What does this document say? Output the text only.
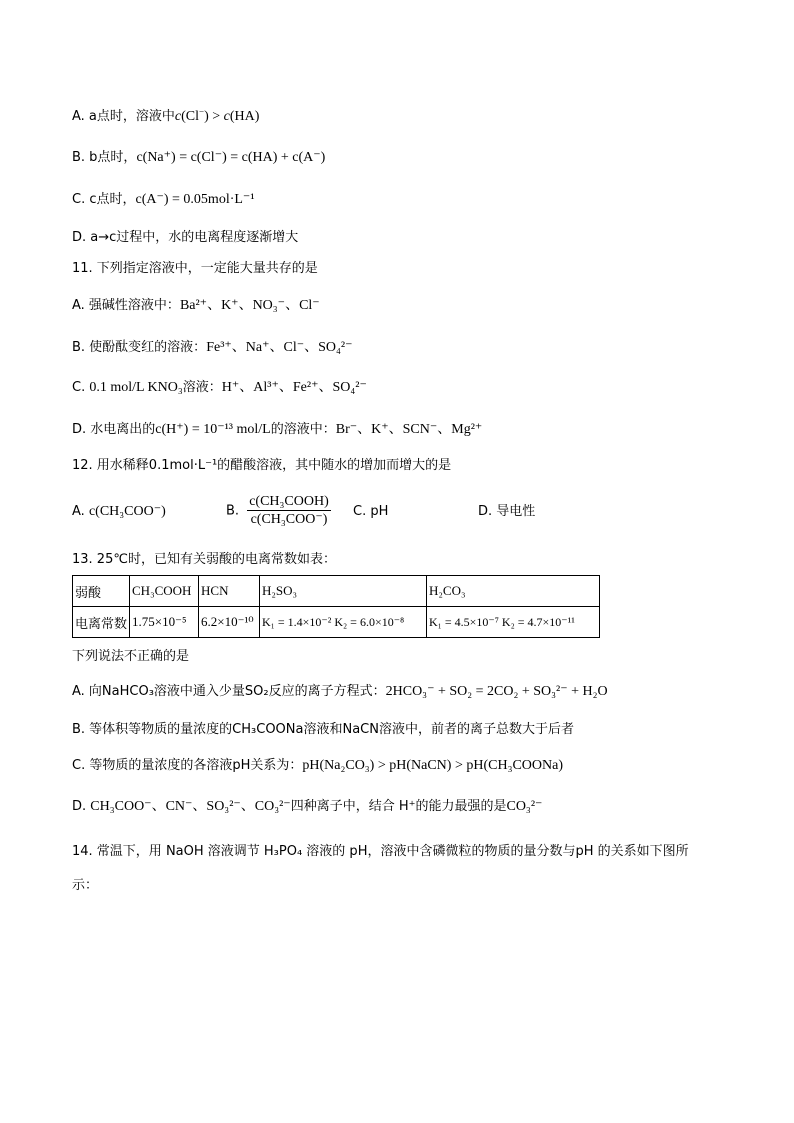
A. a点时，溶液中c(Cl−) > c(HA)
B. b点时，c(Na⁺) = c(Cl⁻) = c(HA) + c(A⁻)
C. c点时，c(A⁻) = 0.05mol·L⁻¹
D. a→c过程中，水的电离程度逐渐增大
11. 下列指定溶液中，一定能大量共存的是
A. 强碱性溶液中：Ba²⁺、K⁺、NO₃⁻、Cl⁻
B. 使酚酞变红的溶液：Fe³⁺、Na⁺、Cl⁻、SO₄²⁻
C. 0.1 mol/L KNO₃溶液：H⁺、Al³⁺、Fe²⁺、SO₄²⁻
D. 水电离出的c(H⁺) = 10⁻¹³ mol/L的溶液中：Br⁻、K⁺、SCN⁻、Mg²⁺
12. 用水稀释0.1mol·L⁻¹的醋酸溶液，其中随水的增加而增大的是
A. c(CH₃COO⁻)	B. $\frac{\text{c(CH₃COOH)}}{\text{c(CH₃COO⁻)}} C$. pH	D. 导电性
13. 25℃时，已知有关弱酸的电离常数如表：
弱酸	CH₃COOH	HCN	H₂SO₃	H₂CO₃
电离常数	1.75×10⁻⁵	6.2×10⁻¹⁰	K₁ = 1.4×10⁻² K₂ = 6.0×10⁻⁸	K₁ = 4.5×10⁻⁷ K₂ = 4.7×10⁻¹¹
下列说法不正确的是
A. 向NaHCO₃溶液中通入少量SO₂反应的离子方程式：2HCO₃⁻ + SO₂ = 2CO₂ + SO₃²⁻ + H₂O
B. 等体积等物质的量浓度的CH₃COONa溶液和NaCN溶液中，前者的离子总数大于后者
C. 等物质的量浓度的各溶液pH关系为：pH(Na₂CO₃) > pH(NaCN) > pH(CH₃COONa)
D. CH₃COO⁻、CN⁻、SO₃²⁻、CO₃²⁻四种离子中，结合 H⁺的能力最强的是CO₃²⁻
14. 常温下，用 NaOH 溶液调节 H₃PO₄ 溶液的 pH，溶液中含磷微粒的物质的量分数与pH 的关系如下图所
示：
